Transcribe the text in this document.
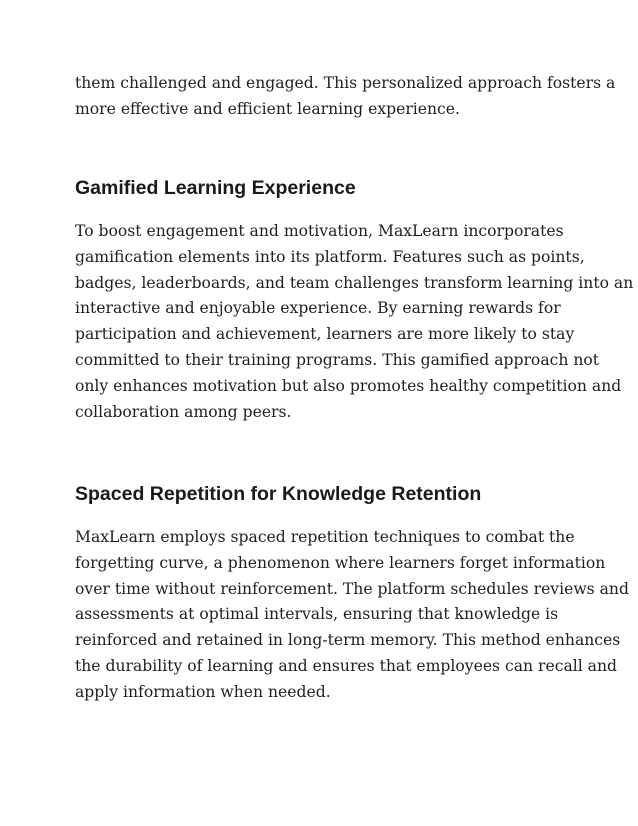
them challenged and engaged. This personalized approach fosters a
more effective and efficient learning experience.

Gamified Learning Experience

To boost engagement and motivation, MaxLearn incorporates
gamification elements into its platform. Features such as points,
badges, leaderboards, and team challenges transform learning into an
interactive and enjoyable experience. By earning rewards for
participation and achievement, learners are more likely to stay
committed to their training programs. This gamified approach not
only enhances motivation but also promotes healthy competition and
collaboration among peers.

Spaced Repetition for Knowledge Retention

MaxLearn employs spaced repetition techniques to combat the
forgetting curve, a phenomenon where learners forget information
over time without reinforcement. The platform schedules reviews and
assessments at optimal intervals, ensuring that knowledge is
reinforced and retained in long-term memory. This method enhances
the durability of learning and ensures that employees can recall and
apply information when needed.
